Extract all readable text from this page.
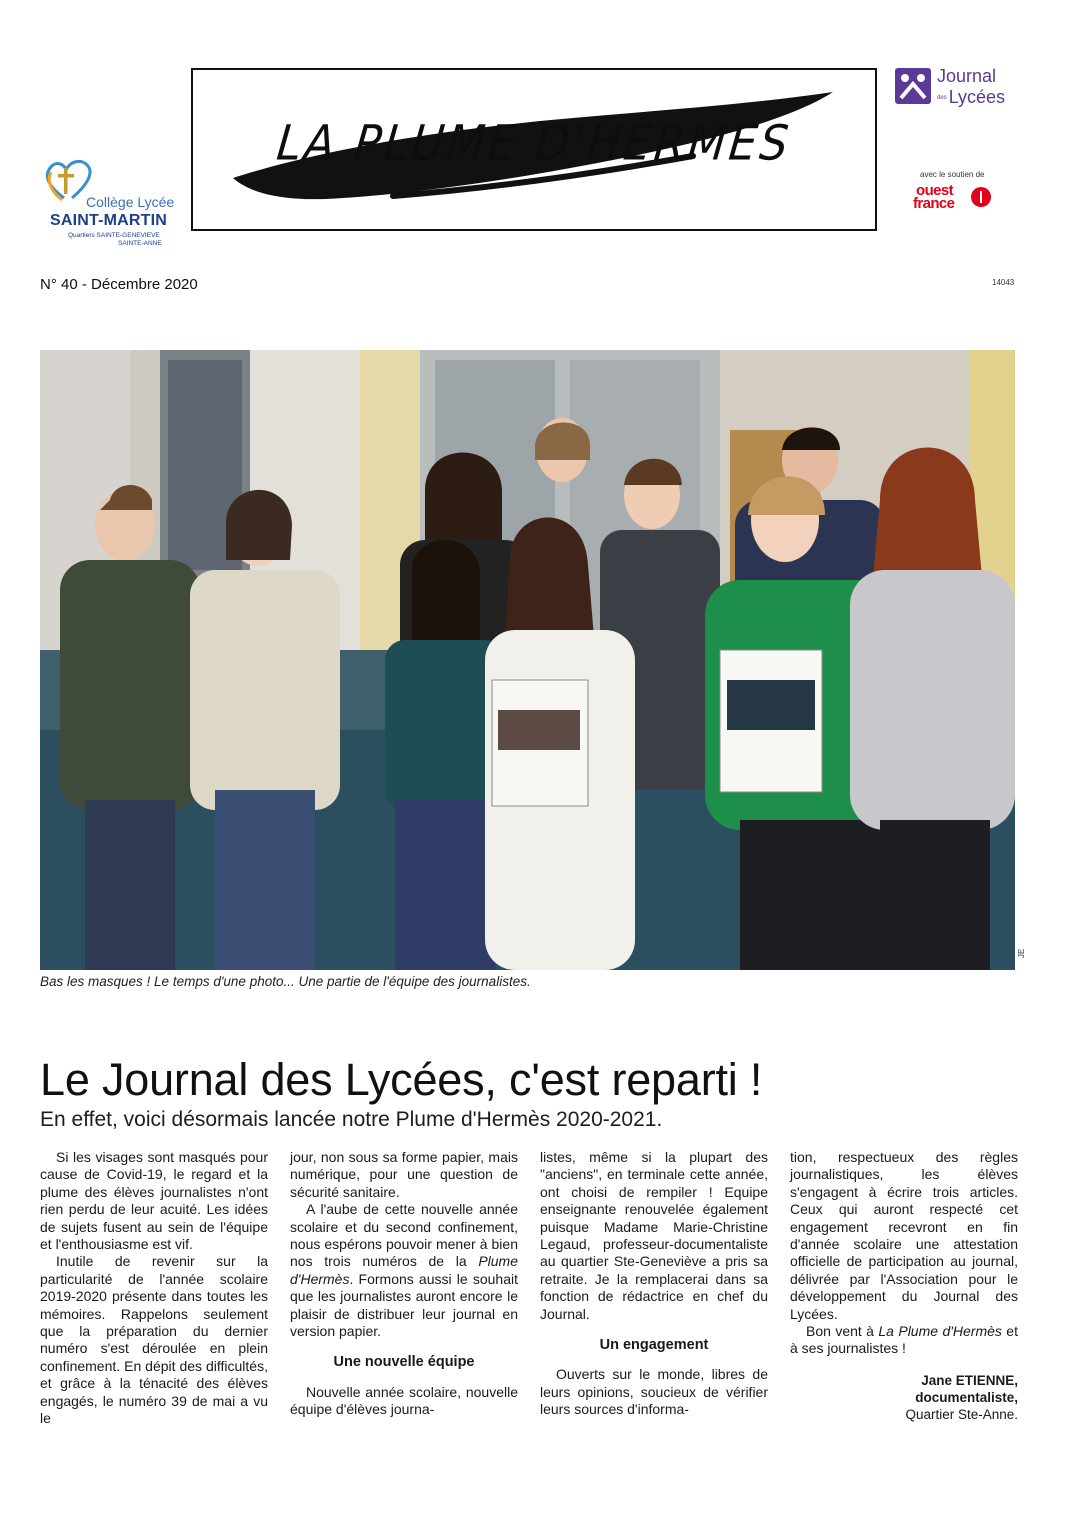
Collège Lycée
SAINT-MARTIN
Quartiers SAINTE-GENEVIEVE
SAINTE-ANNE
LA PLUME D'HERMES
Journal
des Lycées
avec le soutien de
ouest
france
N° 40 - Décembre 2020	14043
JE
Bas les masques ! Le temps d'une photo... Une partie de l'équipe des journalistes.
Le Journal des Lycées, c'est reparti !
En effet, voici désormais lancée notre Plume d'Hermès 2020-2021.

Si les visages sont masqués pour cause de Covid-19, le regard et la plume des élèves journalistes n'ont rien perdu de leur acuité. Les idées de sujets fusent au sein de l'équipe et l'enthousiasme est vif.

Inutile de revenir sur la particularité de l'année scolaire 2019-2020 présente dans toutes les mémoires. Rappelons seulement que la préparation du dernier numéro s'est déroulée en plein confinement. En dépit des difficultés, et grâce à la ténacité des élèves engagés, le numéro 39 de mai a vu le

jour, non sous sa forme papier, mais numérique, pour une question de sécurité sanitaire.

A l'aube de cette nouvelle année scolaire et du second confinement, nous espérons pouvoir mener à bien nos trois numéros de la Plume d'Hermès. Formons aussi le souhait que les journalistes auront encore le plaisir de distribuer leur journal en version papier.

Une nouvelle équipe

Nouvelle année scolaire, nouvelle équipe d'élèves journa-

listes, même si la plupart des "anciens", en terminale cette année, ont choisi de rempiler ! Equipe enseignante renouvelée également puisque Madame Marie-Christine Legaud, professeur-documentaliste au quartier Ste-Geneviève a pris sa retraite. Je la remplacerai dans sa fonction de rédactrice en chef du Journal.

Un engagement

Ouverts sur le monde, libres de leurs opinions, soucieux de vérifier leurs sources d'informa-

tion, respectueux des règles journalistiques, les élèves s'engagent à écrire trois articles. Ceux qui auront respecté cet engagement recevront en fin d'année scolaire une attestation officielle de participation au journal, délivrée par l'Association pour le développement du Journal des Lycées.

Bon vent à La Plume d'Hermès et à ses journalistes !

Jane ETIENNE,
documentaliste,
Quartier Ste-Anne.
